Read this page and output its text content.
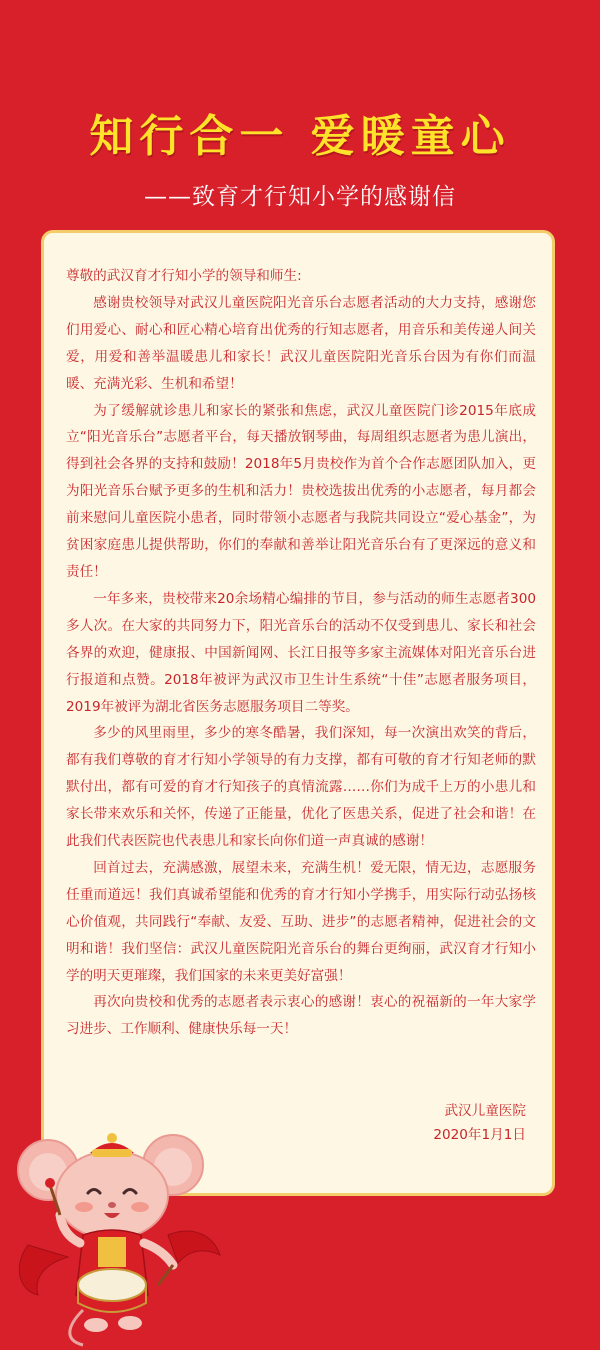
知行合一 爱暖童心
——致育才行知小学的感谢信

尊敬的武汉育才行知小学的领导和师生:

感谢贵校领导对武汉儿童医院阳光音乐台志愿者活动的大力支持，感谢您们用爱心、耐心和匠心精心培育出优秀的行知志愿者，用音乐和美传递人间关爱，用爱和善举温暖患儿和家长！武汉儿童医院阳光音乐台因为有你们而温暖、充满光彩、生机和希望！

为了缓解就诊患儿和家长的紧张和焦虑，武汉儿童医院门诊2015年底成立“阳光音乐台”志愿者平台，每天播放钢琴曲，每周组织志愿者为患儿演出，得到社会各界的支持和鼓励！2018年5月贵校作为首个合作志愿团队加入，更为阳光音乐台赋予更多的生机和活力！贵校选拔出优秀的小志愿者，每月都会前来慰问儿童医院小患者，同时带领小志愿者与我院共同设立“爱心基金”，为贫困家庭患儿提供帮助，你们的奉献和善举让阳光音乐台有了更深远的意义和责任！

一年多来，贵校带来20余场精心编排的节目，参与活动的师生志愿者300多人次。在大家的共同努力下，阳光音乐台的活动不仅受到患儿、家长和社会各界的欢迎，健康报、中国新闻网、长江日报等多家主流媒体对阳光音乐台进行报道和点赞。2018年被评为武汉市卫生计生系统“十佳”志愿者服务项目，2019年被评为湖北省医务志愿服务项目二等奖。

多少的风里雨里，多少的寒冬酷暑，我们深知，每一次演出欢笑的背后，都有我们尊敬的育才行知小学领导的有力支撑，都有可敬的育才行知老师的默默付出，都有可爱的育才行知孩子的真情流露……你们为成千上万的小患儿和家长带来欢乐和关怀，传递了正能量，优化了医患关系，促进了社会和谐！在此我们代表医院也代表患儿和家长向你们道一声真诚的感谢！

回首过去，充满感激，展望未来，充满生机！爱无限，情无边，志愿服务任重而道远！我们真诚希望能和优秀的育才行知小学携手，用实际行动弘扬核心价值观，共同践行“奉献、友爱、互助、进步”的志愿者精神，促进社会的文明和谐！我们坚信：武汉儿童医院阳光音乐台的舞台更绚丽，武汉育才行知小学的明天更璀璨，我们国家的未来更美好富强！

再次向贵校和优秀的志愿者表示衷心的感谢！衷心的祝福新的一年大家学习进步、工作顺利、健康快乐每一天！

武汉儿童医院
2020年1月1日
